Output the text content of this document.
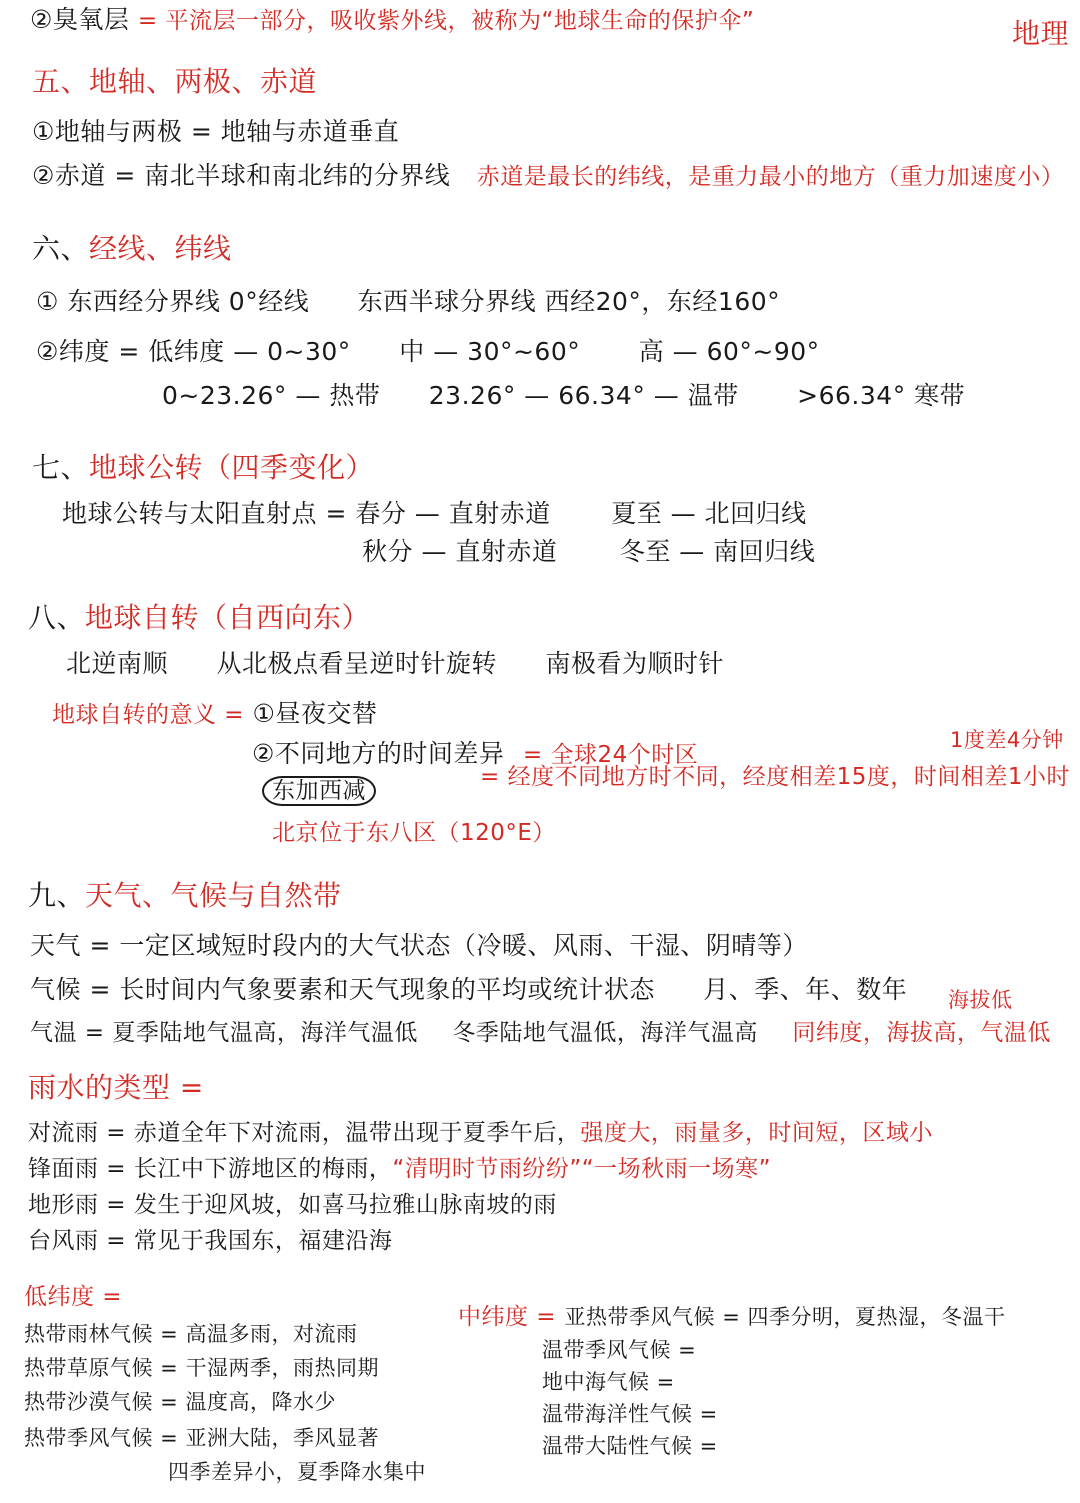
地理
②臭氧层 = 平流层一部分，吸收紫外线，被称为“地球生命的保护伞”
五、地轴、两极、赤道
①地轴与两极 = 地轴与赤道垂直
②赤道 = 南北半球和南北纬的分界线 赤道是最长的纬线，是重力最小的地方（重力加速度小）
六、经线、纬线
① 东西经分界线 0°经线 东西半球分界线 西经20°，东经160°
②纬度 = 低纬度 — 0~30° 中 — 30°~60° 高 — 60°~90°
0~23.26° — 热带 23.26° — 66.34° — 温带 >66.34° 寒带
七、地球公转（四季变化）
地球公转与太阳直射点 = 春分 — 直射赤道 夏至 — 北回归线
秋分 — 直射赤道 冬至 — 南回归线
八、地球自转（自西向东）
北逆南顺 从北极点看呈逆时针旋转 南极看为顺时针
地球自转的意义 = ①昼夜交替
1度差4分钟
②不同地方的时间差异 = 全球24个时区
东加西减
= 经度不同地方时不同，经度相差15度，时间相差1小时
北京位于东八区（120°E）
九、天气、气候与自然带
天气 = 一定区域短时段内的大气状态（冷暖、风雨、干湿、阴晴等）
气候 = 长时间内气象要素和天气现象的平均或统计状态 月、季、年、数年 海拔低
气温 = 夏季陆地气温高，海洋气温低 冬季陆地气温低，海洋气温高 同纬度，海拔高，气温低
雨水的类型 =
对流雨 = 赤道全年下对流雨，温带出现于夏季午后，强度大，雨量多，时间短，区域小
锋面雨 = 长江中下游地区的梅雨，“清明时节雨纷纷”“一场秋雨一场寒”
地形雨 = 发生于迎风坡，如喜马拉雅山脉南坡的雨
台风雨 = 常见于我国东，福建沿海
低纬度 =
热带雨林气候 = 高温多雨，对流雨
热带草原气候 = 干湿两季，雨热同期
热带沙漠气候 = 温度高，降水少
热带季风气候 = 亚洲大陆，季风显著
四季差异小，夏季降水集中
中纬度 = 亚热带季风气候 = 四季分明，夏热湿，冬温干
温带季风气候 =
地中海气候 =
温带海洋性气候 =
温带大陆性气候 =
